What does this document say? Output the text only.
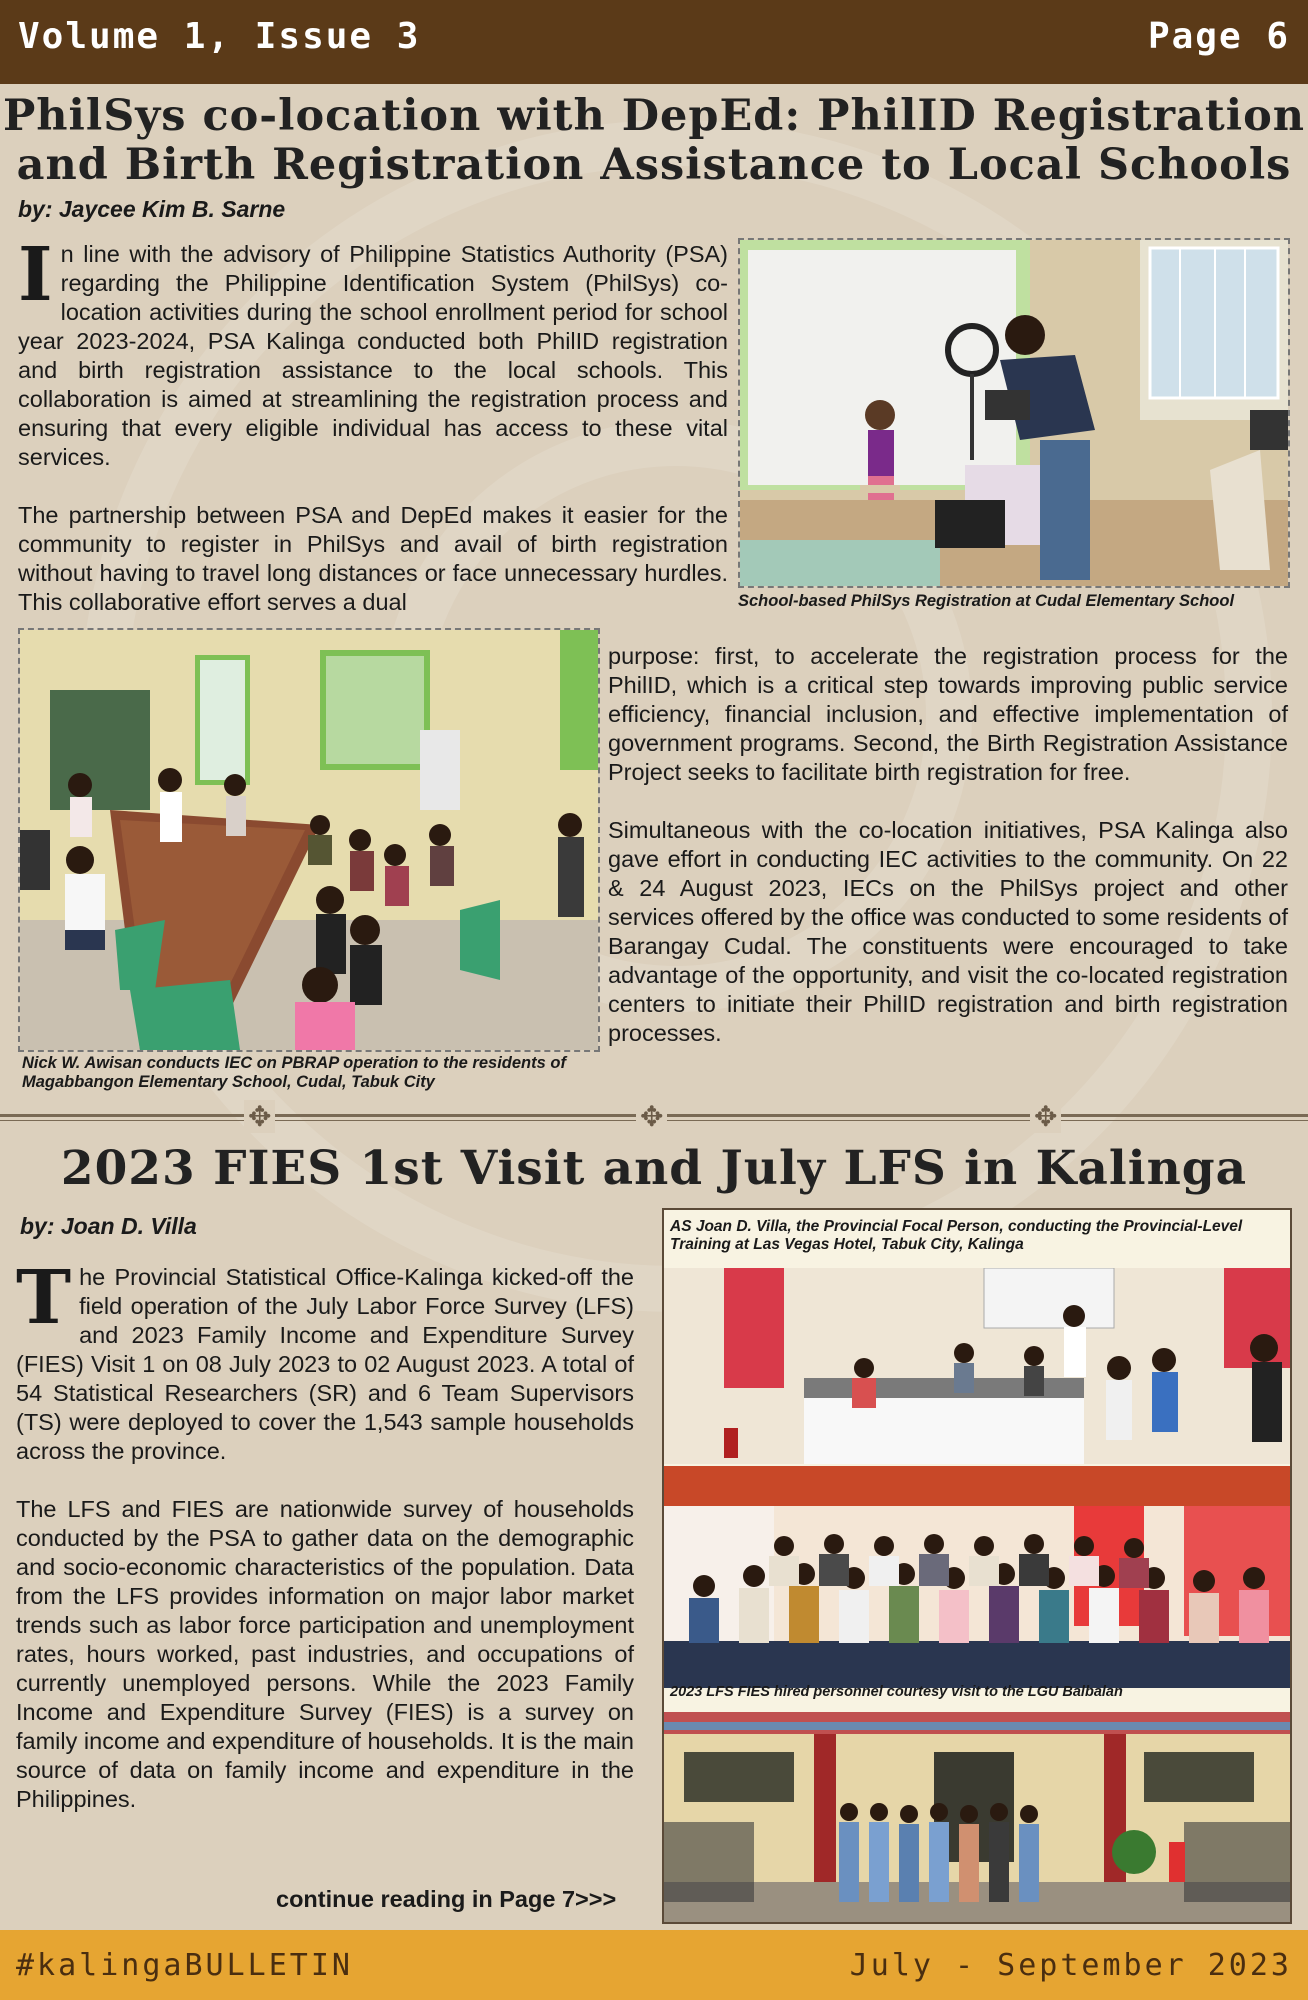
Volume 1, Issue 3	Page 6
PhilSys co-location with DepEd: PhilID Registration
and Birth Registration Assistance to Local Schools
by: Jaycee Kim B. Sarne

In line with the advisory of Philippine Statistics Authority (PSA) regarding the Philippine Identification System (PhilSys) co-location activities during the school enrollment period for school year 2023-2024, PSA Kalinga conducted both PhilID registration and birth registration assistance to the local schools. This collaboration is aimed at streamlining the registration process and ensuring that every eligible individual has access to these vital services.

The partnership between PSA and DepEd makes it easier for the community to register in PhilSys and avail of birth registration without having to travel long distances or face unnecessary hurdles. This collaborative effort serves a dual	School-based PhilSys Registration at Cudal Elementary School
Nick W. Awisan conducts IEC on PBRAP operation to the residents of Magabbangon Elementary School, Cudal, Tabuk City

purpose: first, to accelerate the registration process for the PhilID, which is a critical step towards improving public service efficiency, financial inclusion, and effective implementation of government programs. Second, the Birth Registration Assistance Project seeks to facilitate birth registration for free.

Simultaneous with the co-location initiatives, PSA Kalinga also gave effort in conducting IEC activities to the community. On 22 & 24 August 2023, IECs on the PhilSys project and other services offered by the office was conducted to some residents of Barangay Cudal. The constituents were encouraged to take advantage of the opportunity, and visit the co-located registration centers to initiate their PhilID registration and birth registration processes.

✥	✥	✥
2023 FIES 1st Visit and July LFS in Kalinga
by: Joan D. Villa

The Provincial Statistical Office-Kalinga kicked-off the field operation of the July Labor Force Survey (LFS) and 2023 Family Income and Expenditure Survey (FIES) Visit 1 on 08 July 2023 to 02 August 2023. A total of 54 Statistical Researchers (SR) and 6 Team Supervisors (TS) were deployed to cover the 1,543 sample households across the province.

The LFS and FIES are nationwide survey of households conducted by the PSA to gather data on the demographic and socio-economic characteristics of the population. Data from the LFS provides information on major labor market trends such as labor force participation and unemployment rates, hours worked, past industries, and occupations of currently unemployed persons. While the 2023 Family Income and Expenditure Survey (FIES) is a survey on family income and expenditure of households. It is the main source of data on family income and expenditure in the Philippines.

continue reading in Page 7>>>
AS Joan D. Villa, the Provincial Focal Person, conducting the Provincial-Level Training at Las Vegas Hotel, Tabuk City, Kalinga
2023 LFS FIES hired personnel courtesy visit to the LGU Balbalan
#kalingaBULLETIN	July - September 2023
